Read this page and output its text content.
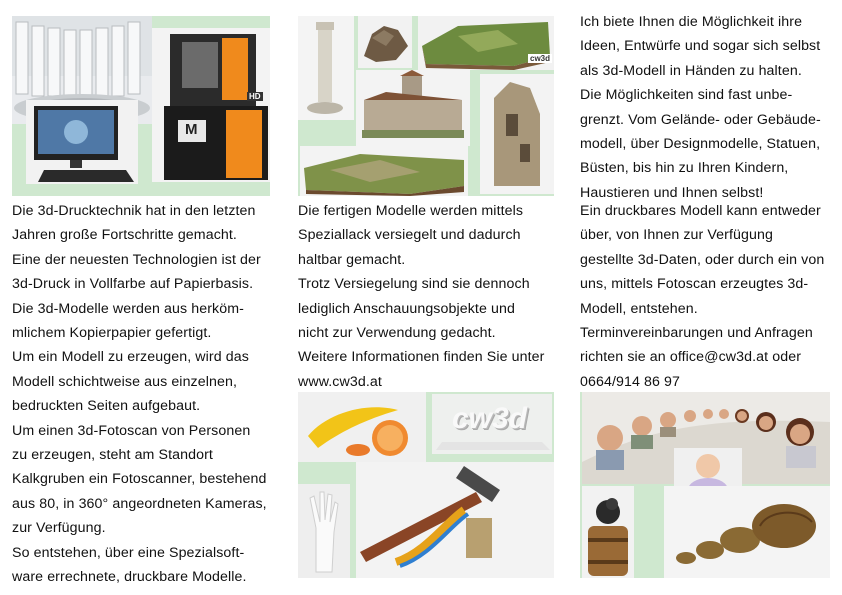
M
HD
cw3d
Die 3d-Drucktechnik hat in den letzten
Jahren große Fortschritte gemacht.
Eine der neuesten Technologien ist der
3d-Druck in Vollfarbe auf Papierbasis.
Die 3d-Modelle werden aus herköm-
mlichem Kopierpapier gefertigt.
Um ein Modell zu erzeugen, wird das
Modell schichtweise aus einzelnen,
bedruckten Seiten aufgebaut.
Um einen 3d-Fotoscan von Personen
zu erzeugen, steht am Standort
Kalkgruben ein Fotoscanner, bestehend
aus 80, in 360° angeordneten Kameras,
zur Verfügung.
So entstehen, über eine Spezialsoft-
ware errechnete, druckbare Modelle.
Die fertigen Modelle werden mittels
Speziallack versiegelt und dadurch
haltbar gemacht.
Trotz Versiegelung sind sie dennoch
lediglich Anschauungsobjekte und
nicht zur Verwendung gedacht.
Weitere Informationen finden Sie unter
www.cw3d.at
Ich biete Ihnen die Möglichkeit ihre
Ideen, Entwürfe und sogar sich selbst
als 3d-Modell in Händen zu halten.
Die Möglichkeiten sind fast unbe-
grenzt. Vom Gelände- oder Gebäude-
modell, über Designmodelle, Statuen,
Büsten, bis hin zu Ihren Kindern,
Haustieren und Ihnen selbst!
Ein druckbares Modell kann entweder
über, von Ihnen zur Verfügung
gestellte 3d-Daten, oder durch ein von
uns, mittels Fotoscan erzeugtes 3d-
Modell, entstehen.
Terminvereinbarungen und Anfragen
richten sie an office@cw3d.at oder
0664/914 86 97
cw3d
